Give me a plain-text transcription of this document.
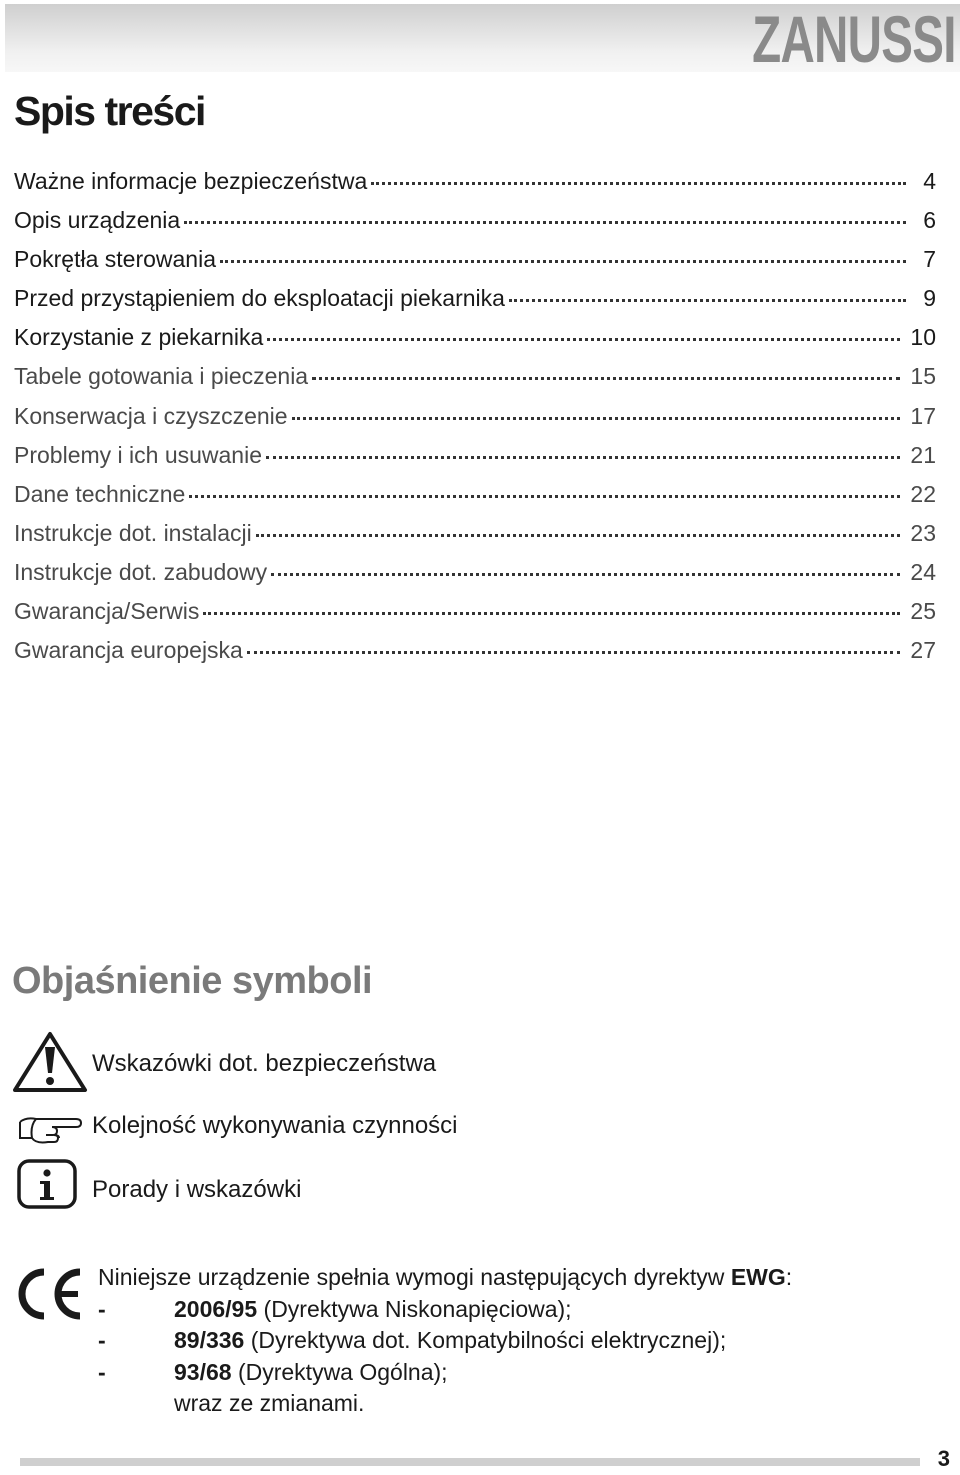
ZANUSSI
Spis treści
Ważne informacje bezpieczeństwa	4
Opis urządzenia	6
Pokrętła sterowania	7
Przed przystąpieniem do eksploatacji piekarnika	9
Korzystanie z piekarnika	10
Tabele gotowania i pieczenia	15
Konserwacja i czyszczenie	17
Problemy i ich usuwanie	21
Dane techniczne	22
Instrukcje dot. instalacji	23
Instrukcje dot. zabudowy	24
Gwarancja/Serwis	25
Gwarancja europejska	27
Objaśnienie symboli
Wskazówki dot. bezpieczeństwa
Kolejność wykonywania czynności
Porady i wskazówki
Niniejsze urządzenie spełnia wymogi następujących dyrektyw EWG:
-	2006/95 (Dyrektywa Niskonapięciowa);
-	89/336 (Dyrektywa dot. Kompatybilności elektrycznej);
-	93/68 (Dyrektywa Ogólna);
wraz ze zmianami.
3
